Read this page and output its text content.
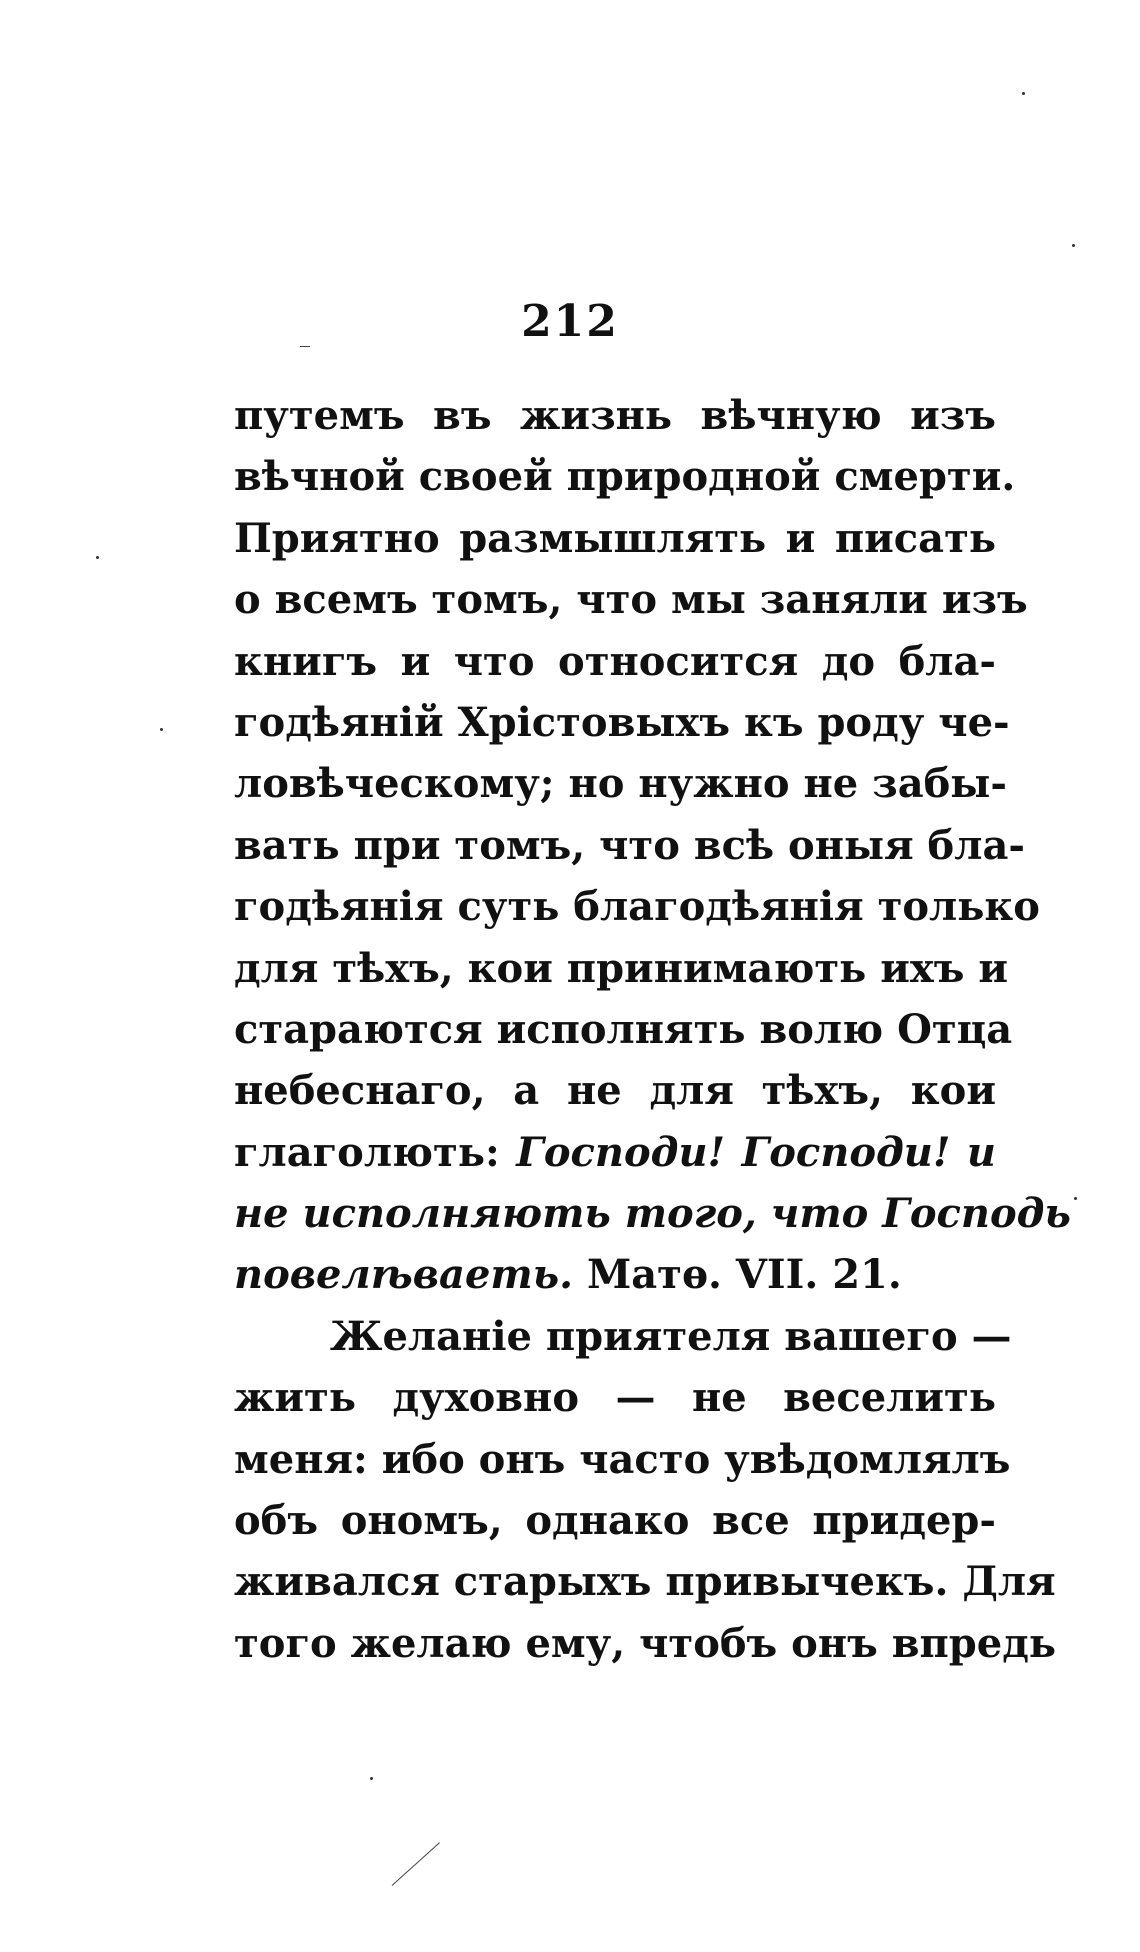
212
путемъ въ жизнь вѣчную изъ
вѣчной своей природной смерти.
Приятно размышлять и писать
о всемъ томъ, что мы заняли изъ
книгъ и что относится до бла-
годѣяній Хрістовыхъ къ роду че-
ловѣческому; но нужно не забы-
вать при томъ, что всѣ оныя бла-
годѣянія суть благодѣянія только
для тѣхъ, кои принимають ихъ и
стараются исполнять волю Отца
небеснаго, а не для тѣхъ, кои
глаголють: Господи! Господи! и
не исполняють того, что Господь
повелѣваеть. Матѳ. VII. 21.
Желаніе приятеля вашего —
жить духовно — не веселить
меня: ибо онъ часто увѣдомлялъ
объ ономъ, однако все придер-
живался старыхъ привычекъ. Для
того желаю ему, чтобъ онъ впредь
